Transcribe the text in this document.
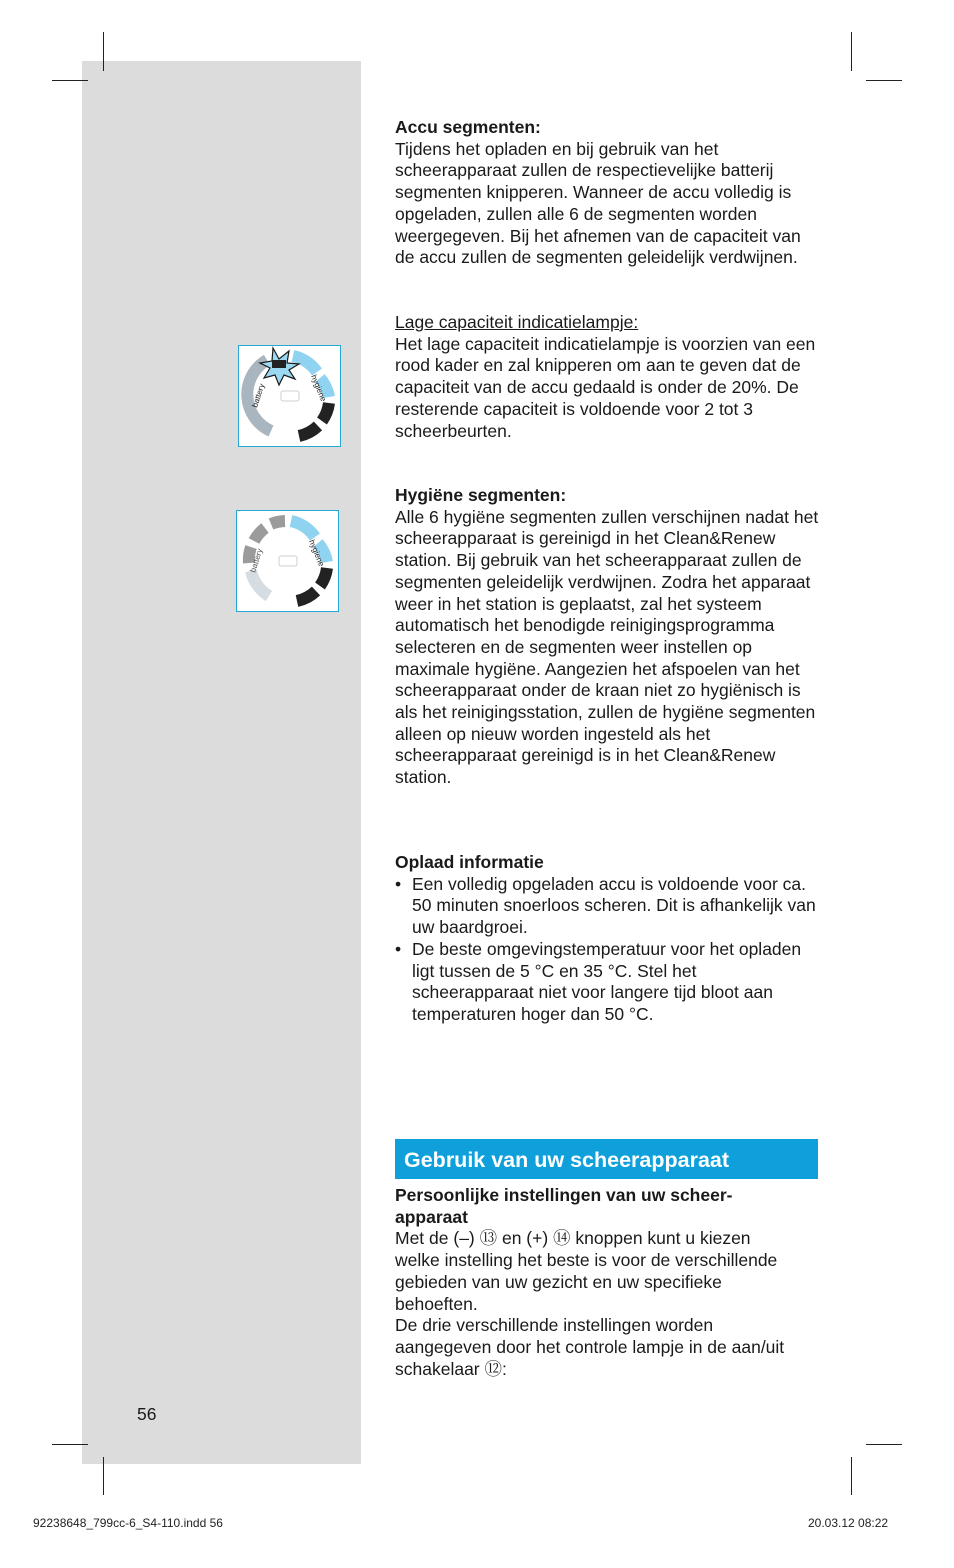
battery	hygiene
battery	hygiene

Accu segmenten:

Tijdens het opladen en bij gebruik van het scheerapparaat zullen de respectievelijke batterij segmenten knipperen. Wanneer de accu volledig is opgeladen, zullen alle 6 de segmenten worden weergegeven. Bij het afnemen van de capaciteit van de accu zullen de segmenten geleidelijk verdwijnen.

Lage capaciteit indicatielampje:

Het lage capaciteit indicatielampje is voorzien van een rood kader en zal knipperen om aan te geven dat de capaciteit van de accu gedaald is onder de 20%. De resterende capaciteit is voldoende voor 2 tot 3 scheerbeurten.

Hygiëne segmenten:

Alle 6 hygiëne segmenten zullen verschijnen nadat het scheerapparaat is gereinigd in het Clean&Renew station. Bij gebruik van het scheerapparaat zullen de segmenten geleidelijk verdwijnen. Zodra het apparaat weer in het station is geplaatst, zal het systeem automatisch het benodigde reinigingsprogramma selecteren en de segmenten weer instellen op maximale hygiëne. Aangezien het afspoelen van het scheerapparaat onder de kraan niet zo hygiënisch is als het reinigingsstation, zullen de hygiëne segmenten alleen op nieuw worden ingesteld als het scheerapparaat gereinigd is in het Clean&Renew station.

Oplaad informatie

• Een volledig opgeladen accu is voldoende voor ca. 50 minuten snoerloos scheren. Dit is afhankelijk van uw baardgroei.
• De beste omgevingstemperatuur voor het opladen ligt tussen de 5 °C en 35 °C. Stel het scheerapparaat niet voor langere tijd bloot aan temperaturen hoger dan 50 °C.
Gebruik van uw scheerapparaat

Persoonlijke instellingen van uw scheer-apparaat

Met de (–) ⑬ en (+) ⑭ knoppen kunt u kiezen welke instelling het beste is voor de verschillende gebieden van uw gezicht en uw specifieke behoeften.

De drie verschillende instellingen worden aangegeven door het controle lampje in de aan/uit schakelaar ⑫:

56
92238648_799cc-6_S4-110.indd 56	20.03.12 08:22
